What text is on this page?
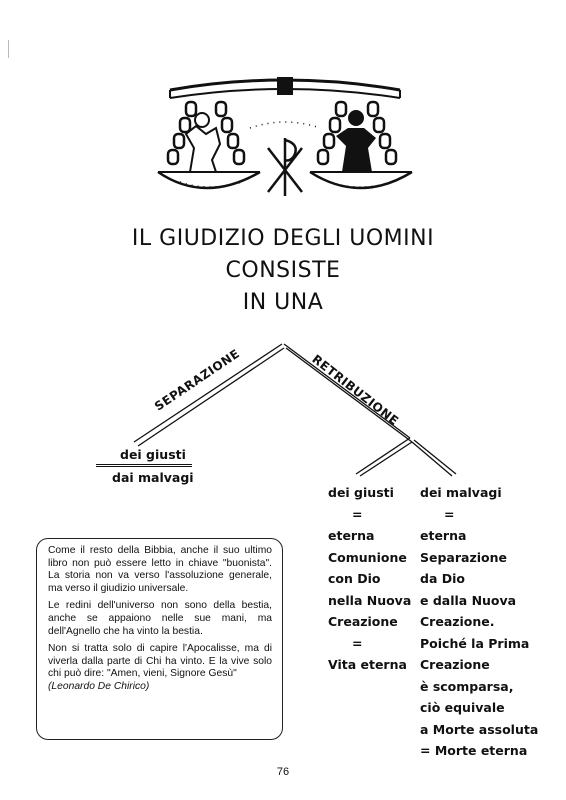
IL GIUDIZIO DEGLI UOMINI
CONSISTE
IN UNA
SEPARAZIONE	RETRIBUZIONE
dei giusti
dai malvagi
dei giusti
=
eterna
Comunione
con Dio
nella Nuova
Creazione
=
Vita eterna
dei malvagi
=
eterna
Separazione
da Dio
e dalla Nuova
Creazione.
Poiché la Prima
Creazione
è scomparsa,
ciò equivale
a Morte assoluta
= Morte eterna

Come il resto della Bibbia, anche il suo ultimo libro non può essere letto in chiave "buonista". La storia non va verso l'assoluzione generale, ma verso il giudizio universale.

Le redini dell'universo non sono della bestia, anche se appaiono nelle sue mani, ma dell'Agnello che ha vinto la bestia.

Non si tratta solo di capire l'Apocalisse, ma di viverla dalla parte di Chi ha vinto. E la vive solo chi può dire: "Amen, vieni, Signore Gesù"

(Leonardo De Chirico)
76
